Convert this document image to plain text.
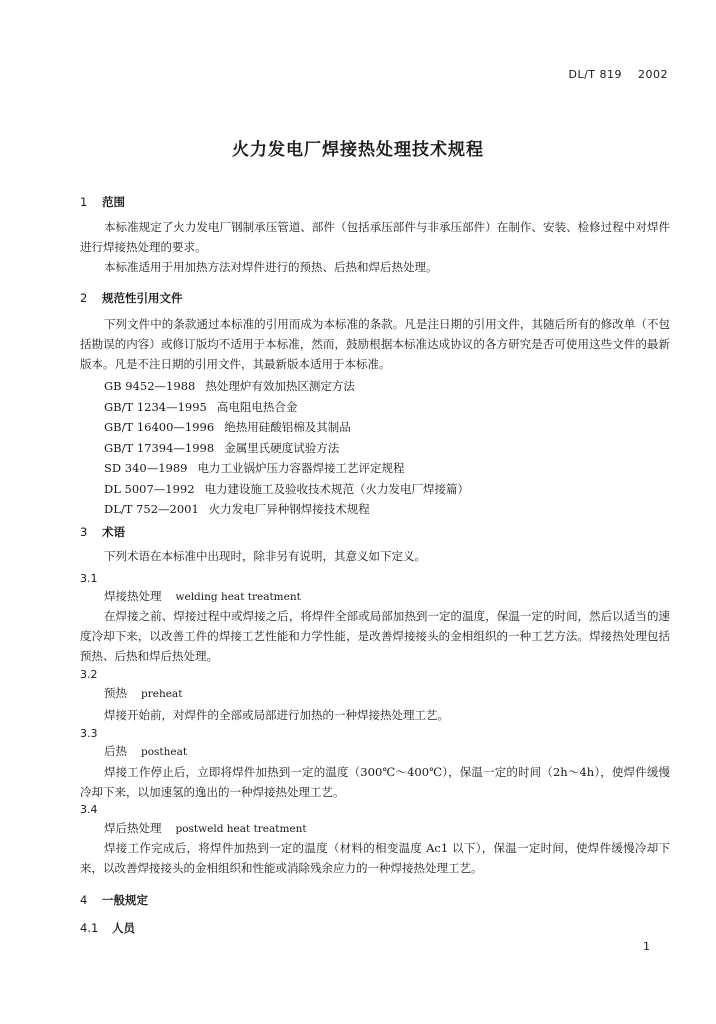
DL/T 819 2002
火力发电厂焊接热处理技术规程
1 范围
本标准规定了火力发电厂钢制承压管道、部件（包括承压部件与非承压部件）在制作、安装、检修过程中对焊件进行焊接热处理的要求。
本标准适用于用加热方法对焊件进行的预热、后热和焊后热处理。
2 规范性引用文件
下列文件中的条款通过本标准的引用而成为本标准的条款。凡是注日期的引用文件，其随后所有的修改单（不包括勘误的内容）或修订版均不适用于本标准，然而，鼓励根据本标准达成协议的各方研究是否可使用这些文件的最新版本。凡是不注日期的引用文件，其最新版本适用于本标准。
GB 9452—1988 热处理炉有效加热区测定方法
GB/T 1234—1995 高电阻电热合金
GB/T 16400—1996 绝热用硅酸铝棉及其制品
GB/T 17394—1998 金属里氏硬度试验方法
SD 340—1989 电力工业锅炉压力容器焊接工艺评定规程
DL 5007—1992 电力建设施工及验收技术规范（火力发电厂焊接篇）
DL/T 752—2001 火力发电厂异种钢焊接技术规程
3 术语
下列术语在本标准中出现时，除非另有说明，其意义如下定义。
3.1
焊接热处理 welding heat treatment
在焊接之前、焊接过程中或焊接之后，将焊件全部或局部加热到一定的温度，保温一定的时间，然后以适当的速度冷却下来，以改善工件的焊接工艺性能和力学性能，是改善焊接接头的金相组织的一种工艺方法。焊接热处理包括预热、后热和焊后热处理。
3.2
预热 preheat
焊接开始前，对焊件的全部或局部进行加热的一种焊接热处理工艺。
3.3
后热 postheat
焊接工作停止后，立即将焊件加热到一定的温度（300℃～400℃），保温一定的时间（2h～4h），使焊件缓慢冷却下来，以加速氢的逸出的一种焊接热处理工艺。
3.4
焊后热处理 postweld heat treatment
焊接工作完成后，将焊件加热到一定的温度（材料的相变温度 Ac1 以下），保温一定时间，使焊件缓慢冷却下来，以改善焊接接头的金相组织和性能或消除残余应力的一种焊接热处理工艺。
4 一般规定
4.1 人员
1
